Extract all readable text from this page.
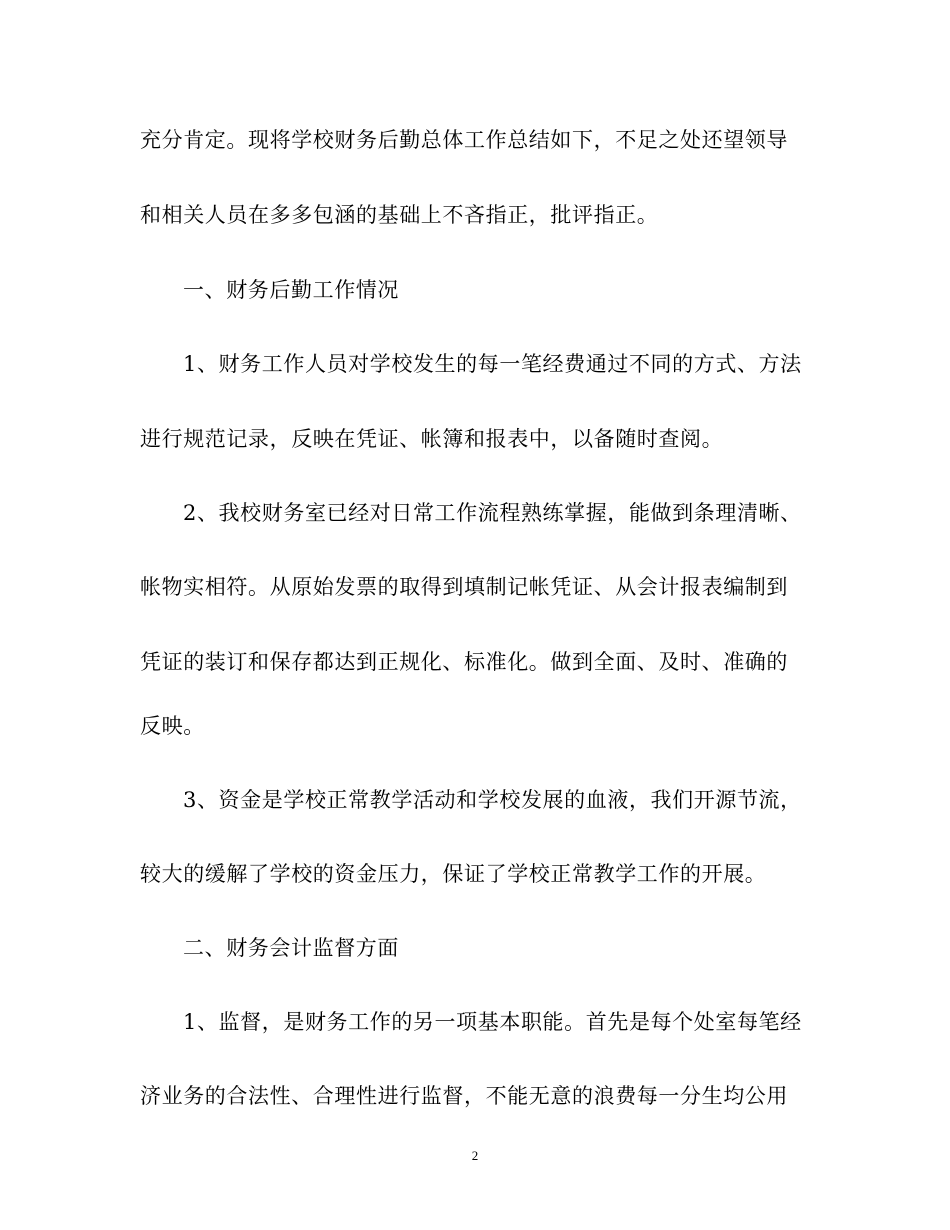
充分肯定。现将学校财务后勤总体工作总结如下，不足之处还望领导
和相关人员在多多包涵的基础上不吝指正，批评指正。
一、财务后勤工作情况
1、财务工作人员对学校发生的每一笔经费通过不同的方式、方法
进行规范记录，反映在凭证、帐簿和报表中，以备随时查阅。
2、我校财务室已经对日常工作流程熟练掌握，能做到条理清晰、
帐物实相符。从原始发票的取得到填制记帐凭证、从会计报表编制到
凭证的装订和保存都达到正规化、标准化。做到全面、及时、准确的
反映。
3、资金是学校正常教学活动和学校发展的血液，我们开源节流，
较大的缓解了学校的资金压力，保证了学校正常教学工作的开展。
二、财务会计监督方面
1、监督，是财务工作的另一项基本职能。首先是每个处室每笔经
济业务的合法性、合理性进行监督，不能无意的浪费每一分生均公用
2
